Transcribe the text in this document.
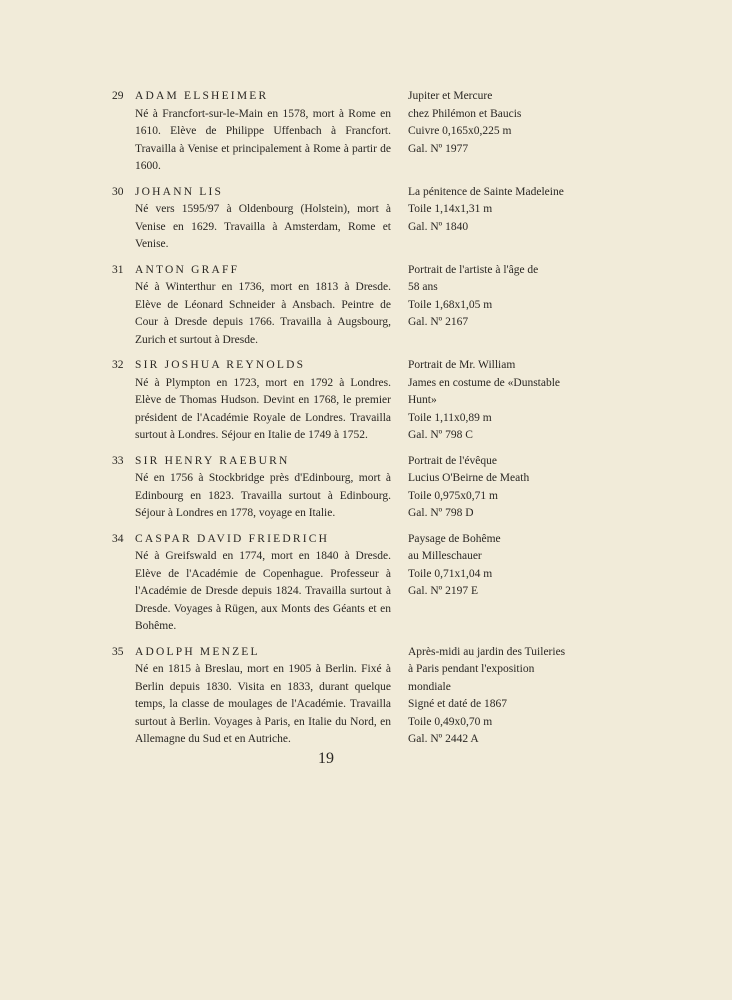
29 ADAM ELSHEIMER
Né à Francfort-sur-le-Main en 1578, mort à Rome en 1610. Elève de Philippe Uffenbach à Francfort. Travailla à Venise et principalement à Rome à partir de 1600.
Jupiter et Mercure
chez Philémon et Baucis
Cuivre 0,165x0,225 m
Gal. Nº 1977
30 JOHANN LIS
Né vers 1595/97 à Oldenbourg (Holstein), mort à Venise en 1629. Travailla à Amsterdam, Rome et Venise.
La pénitence de Sainte Madeleine
Toile 1,14x1,31 m
Gal. Nº 1840
31 ANTON GRAFF
Né à Winterthur en 1736, mort en 1813 à Dresde. Elève de Léonard Schneider à Ansbach. Peintre de Cour à Dresde depuis 1766. Travailla à Augsbourg, Zurich et surtout à Dresde.
Portrait de l'artiste à l'âge de
58 ans
Toile 1,68x1,05 m
Gal. Nº 2167
32 SIR JOSHUA REYNOLDS
Né à Plympton en 1723, mort en 1792 à Londres. Elève de Thomas Hudson. Devint en 1768, le premier président de l'Académie Royale de Londres. Travailla surtout à Londres. Séjour en Italie de 1749 à 1752.
Portrait de Mr. William
James en costume de «Dunstable
Hunt»
Toile 1,11x0,89 m
Gal. Nº 798 C
33 SIR HENRY RAEBURN
Né en 1756 à Stockbridge près d'Edinbourg, mort à Edinbourg en 1823. Travailla surtout à Edinbourg. Séjour à Londres en 1778, voyage en Italie.
Portrait de l'évêque
Lucius O'Beirne de Meath
Toile 0,975x0,71 m
Gal. Nº 798 D
34 CASPAR DAVID FRIEDRICH
Né à Greifswald en 1774, mort en 1840 à Dresde. Elève de l'Académie de Copenhague. Professeur à l'Académie de Dresde depuis 1824. Travailla surtout à Dresde. Voyages à Rügen, aux Monts des Géants et en Bohême.
Paysage de Bohême
au Milleschauer
Toile 0,71x1,04 m
Gal. Nº 2197 E
35 ADOLPH MENZEL
Né en 1815 à Breslau, mort en 1905 à Berlin. Fixé à Berlin depuis 1830. Visita en 1833, durant quelque temps, la classe de moulages de l'Académie. Travailla surtout à Berlin. Voyages à Paris, en Italie du Nord, en Allemagne du Sud et en Autriche.
Après-midi au jardin des Tuileries
à Paris pendant l'exposition
mondiale
Signé et daté de 1867
Toile 0,49x0,70 m
Gal. Nº 2442 A
19
